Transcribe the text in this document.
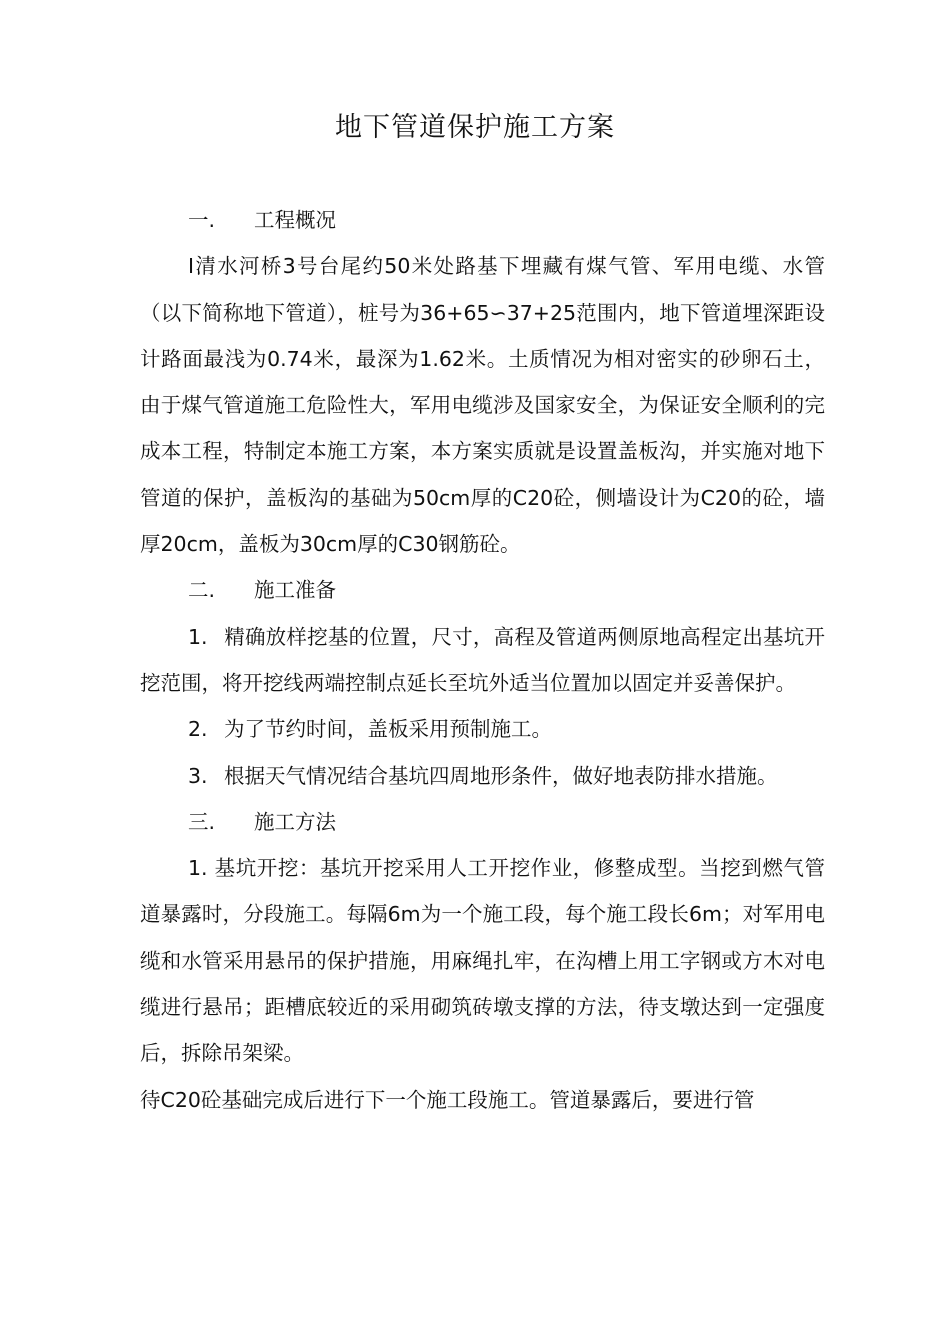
地下管道保护施工方案
一. 工程概况

Ⅰ清水河桥3号台尾约50米处路基下埋藏有煤气管、军用电缆、水管（以下简称地下管道），桩号为36+65∽37+25范围内，地下管道埋深距设计路面最浅为0.74米，最深为1.62米。土质情况为相对密实的砂卵石土，由于煤气管道施工危险性大，军用电缆涉及国家安全，为保证安全顺利的完成本工程，特制定本施工方案，本方案实质就是设置盖板沟，并实施对地下管道的保护，盖板沟的基础为50cm厚的C20砼，侧墙设计为C20的砼，墙厚20cm，盖板为30cm厚的C30钢筋砼。

二. 施工准备

1. 精确放样挖基的位置，尺寸，高程及管道两侧原地高程定出基坑开挖范围，将开挖线两端控制点延长至坑外适当位置加以固定并妥善保护。

2. 为了节约时间，盖板采用预制施工。

3. 根据天气情况结合基坑四周地形条件，做好地表防排水措施。

三. 施工方法

1. 基坑开挖：基坑开挖采用人工开挖作业，修整成型。当挖到燃气管道暴露时，分段施工。每隔6m为一个施工段，每个施工段长6m；对军用电缆和水管采用悬吊的保护措施，用麻绳扎牢，在沟槽上用工字钢或方木对电缆进行悬吊；距槽底较近的采用砌筑砖墩支撑的方法，待支墩达到一定强度后，拆除吊架梁。

待C20砼基础完成后进行下一个施工段施工。管道暴露后，要进行管
